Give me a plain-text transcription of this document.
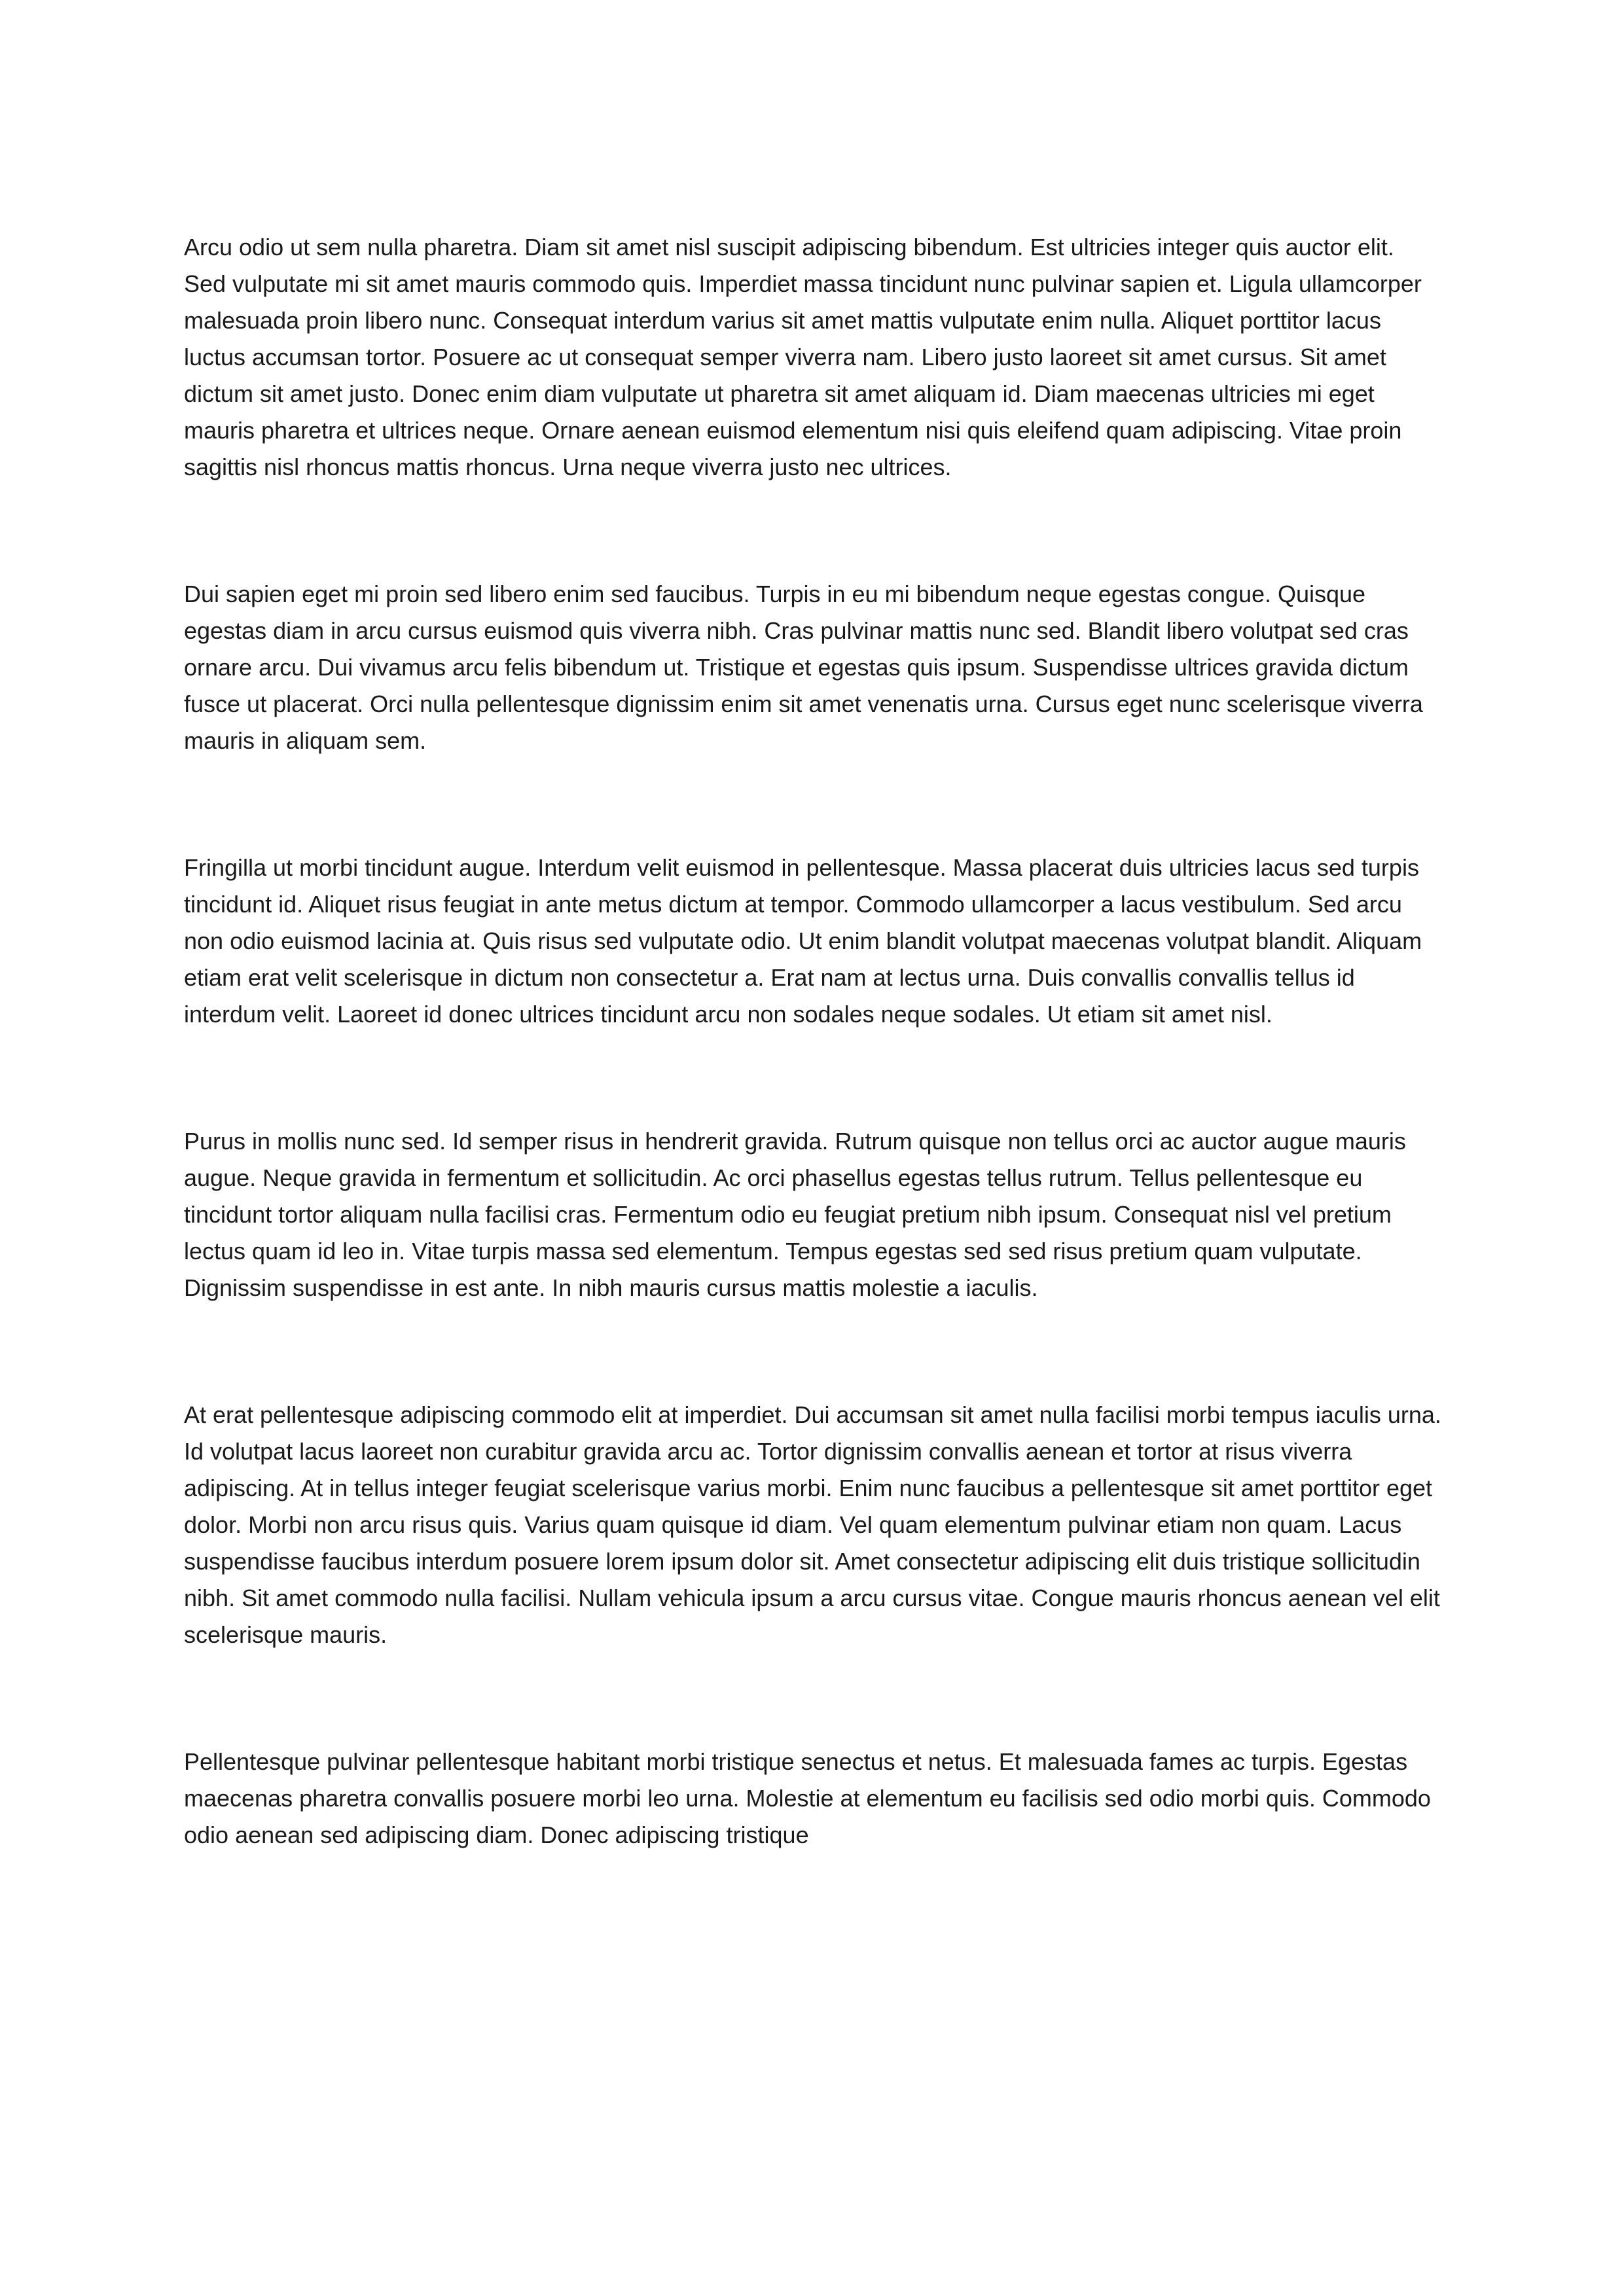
Arcu odio ut sem nulla pharetra. Diam sit amet nisl suscipit adipiscing bibendum. Est ultricies integer quis auctor elit. Sed vulputate mi sit amet mauris commodo quis. Imperdiet massa tincidunt nunc pulvinar sapien et. Ligula ullamcorper malesuada proin libero nunc. Consequat interdum varius sit amet mattis vulputate enim nulla. Aliquet porttitor lacus luctus accumsan tortor. Posuere ac ut consequat semper viverra nam. Libero justo laoreet sit amet cursus. Sit amet dictum sit amet justo. Donec enim diam vulputate ut pharetra sit amet aliquam id. Diam maecenas ultricies mi eget mauris pharetra et ultrices neque. Ornare aenean euismod elementum nisi quis eleifend quam adipiscing. Vitae proin sagittis nisl rhoncus mattis rhoncus. Urna neque viverra justo nec ultrices.

Dui sapien eget mi proin sed libero enim sed faucibus. Turpis in eu mi bibendum neque egestas congue. Quisque egestas diam in arcu cursus euismod quis viverra nibh. Cras pulvinar mattis nunc sed. Blandit libero volutpat sed cras ornare arcu. Dui vivamus arcu felis bibendum ut. Tristique et egestas quis ipsum. Suspendisse ultrices gravida dictum fusce ut placerat. Orci nulla pellentesque dignissim enim sit amet venenatis urna. Cursus eget nunc scelerisque viverra mauris in aliquam sem.

Fringilla ut morbi tincidunt augue. Interdum velit euismod in pellentesque. Massa placerat duis ultricies lacus sed turpis tincidunt id. Aliquet risus feugiat in ante metus dictum at tempor. Commodo ullamcorper a lacus vestibulum. Sed arcu non odio euismod lacinia at. Quis risus sed vulputate odio. Ut enim blandit volutpat maecenas volutpat blandit. Aliquam etiam erat velit scelerisque in dictum non consectetur a. Erat nam at lectus urna. Duis convallis convallis tellus id interdum velit. Laoreet id donec ultrices tincidunt arcu non sodales neque sodales. Ut etiam sit amet nisl.

Purus in mollis nunc sed. Id semper risus in hendrerit gravida. Rutrum quisque non tellus orci ac auctor augue mauris augue. Neque gravida in fermentum et sollicitudin. Ac orci phasellus egestas tellus rutrum. Tellus pellentesque eu tincidunt tortor aliquam nulla facilisi cras. Fermentum odio eu feugiat pretium nibh ipsum. Consequat nisl vel pretium lectus quam id leo in. Vitae turpis massa sed elementum. Tempus egestas sed sed risus pretium quam vulputate. Dignissim suspendisse in est ante. In nibh mauris cursus mattis molestie a iaculis.

At erat pellentesque adipiscing commodo elit at imperdiet. Dui accumsan sit amet nulla facilisi morbi tempus iaculis urna. Id volutpat lacus laoreet non curabitur gravida arcu ac. Tortor dignissim convallis aenean et tortor at risus viverra adipiscing. At in tellus integer feugiat scelerisque varius morbi. Enim nunc faucibus a pellentesque sit amet porttitor eget dolor. Morbi non arcu risus quis. Varius quam quisque id diam. Vel quam elementum pulvinar etiam non quam. Lacus suspendisse faucibus interdum posuere lorem ipsum dolor sit. Amet consectetur adipiscing elit duis tristique sollicitudin nibh. Sit amet commodo nulla facilisi. Nullam vehicula ipsum a arcu cursus vitae. Congue mauris rhoncus aenean vel elit scelerisque mauris.

Pellentesque pulvinar pellentesque habitant morbi tristique senectus et netus. Et malesuada fames ac turpis. Egestas maecenas pharetra convallis posuere morbi leo urna. Molestie at elementum eu facilisis sed odio morbi quis. Commodo odio aenean sed adipiscing diam. Donec adipiscing tristique
